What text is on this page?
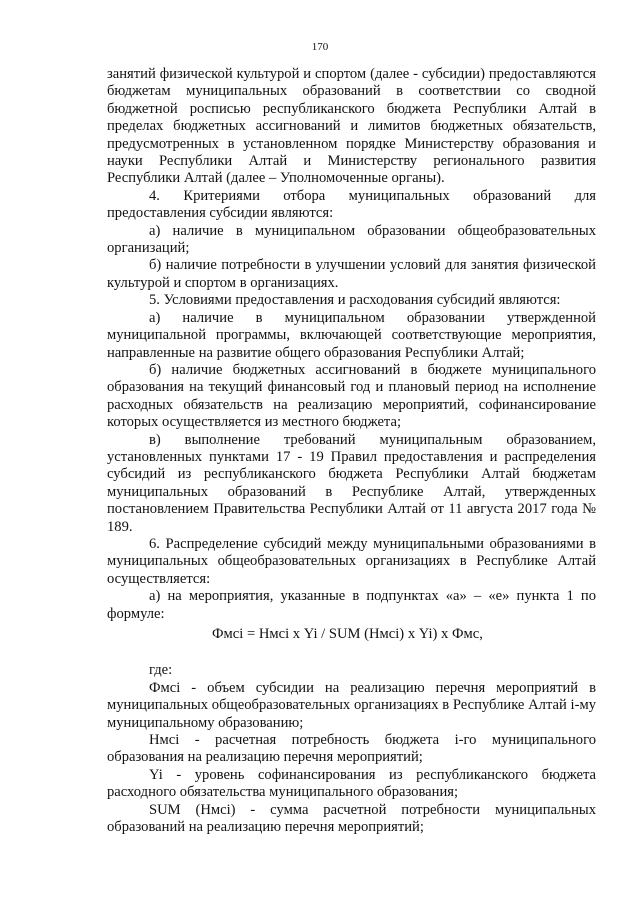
170

занятий физической культурой и спортом (далее - субсидии) предоставляются бюджетам муниципальных образований в соответствии со сводной бюджетной росписью республиканского бюджета Республики Алтай в пределах бюджетных ассигнований и лимитов бюджетных обязательств, предусмотренных в установленном порядке Министерству образования и науки Республики Алтай и Министерству регионального развития Республики Алтай (далее – Уполномоченные органы).

4. Критериями отбора муниципальных образований для предоставления субсидии являются:

а) наличие в муниципальном образовании общеобразовательных организаций;

б) наличие потребности в улучшении условий для занятия физической культурой и спортом в организациях.

5. Условиями предоставления и расходования субсидий являются:

а) наличие в муниципальном образовании утвержденной муниципальной программы, включающей соответствующие мероприятия, направленные на развитие общего образования Республики Алтай;

б) наличие бюджетных ассигнований в бюджете муниципального образования на текущий финансовый год и плановый период на исполнение расходных обязательств на реализацию мероприятий, софинансирование которых осуществляется из местного бюджета;

в) выполнение требований муниципальным образованием, установленных пунктами 17 - 19 Правил предоставления и распределения субсидий из республиканского бюджета Республики Алтай бюджетам муниципальных образований в Республике Алтай, утвержденных постановлением Правительства Республики Алтай от 11 августа 2017 года № 189.

6. Распределение субсидий между муниципальными образованиями в муниципальных общеобразовательных организациях в Республике Алтай осуществляется:

а) на мероприятия, указанные в подпунктах «а» – «е» пункта 1 по формуле:

Фмсi = Нмсi х Yi / SUM (Нмсi) х Yi) х Фмс,

где:

Фмсi - объем субсидии на реализацию перечня мероприятий в муниципальных общеобразовательных организациях в Республике Алтай i-му муниципальному образованию;

Нмсi - расчетная потребность бюджета i-го муниципального образования на реализацию перечня мероприятий;

Yi - уровень софинансирования из республиканского бюджета расходного обязательства муниципального образования;

SUM (Нмсi) - сумма расчетной потребности муниципальных образований на реализацию перечня мероприятий;
